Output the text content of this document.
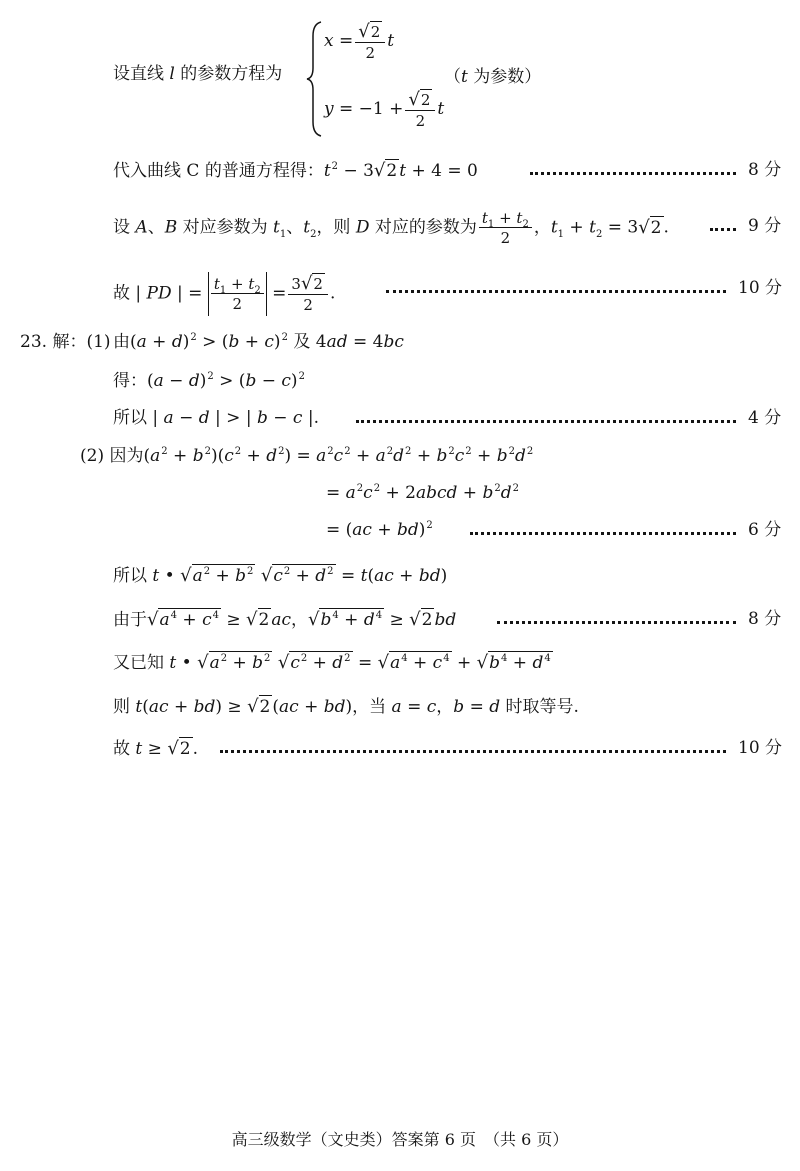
设直线 l 的参数方程为
$x = \frac{√2}{2}$ t
$y = -1 + \frac{√2}{2}$ t
（t 为参数）
代入曲线 C 的普通方程得：$t^2 - 3√2$ t + 4 = 0	8 分
设 A、B 对应参数为 $t_1$、$t_2$，则 D 对应的参数为 $\frac{t_1 + t_2}{2}$ ，$t_1 + t_2 = 3√2$ .	9 分
故 | PD | = $\frac{t_1 + t_2}{2} = \frac{3√2}{2}$ .	10 分
23. 解：(1) 由$(a + d)^2 > (b + c)^2$ 及 4ad = 4bc
得：$(a - d)^2 > (b - c)^2$
所以 | a − d | > | b − c |.	4 分
(2) 因为$(a^2 + b^2)(c^2 + d^2) = a^2c^2 + a^2d^2 + b^2c^2 + b^2d^2$
= $a^2c^2$ + 2abcd + $b^2d^2$
= (ac + bd)$^2$	6 分
所以 t • $√a^2 + b^2$ $√c^2 + d^2 = t(ac + bd)$
由于$√a^4 + c^4 \ge √2$ ac，$√b^4 + d^4 \ge √2$ bd	8 分
又已知 t • $√a^2 + b^2$ $√c^2 + d^2 = √a^4 + c^4 + √b^4 + d^4$
则 t(ac + bd) ≥ √2 (ac + bd)，当 a = c，b = d 时取等号.
故 t ≥ √2 .	10 分
高三级数学（文史类）答案第 6 页　（共 6 页）
